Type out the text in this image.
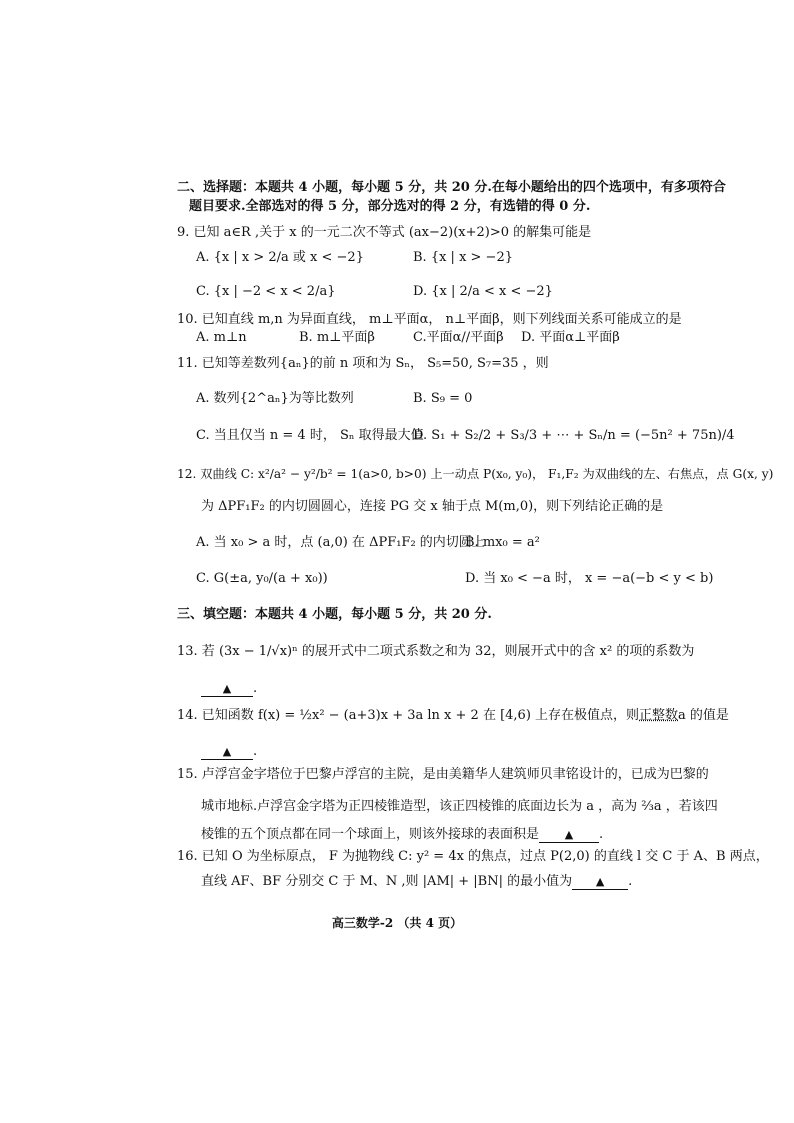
二、选择题：本题共 4 小题，每小题 5 分，共 20 分.在每小题给出的四个选项中，有多项符合
题目要求.全部选对的得 5 分，部分选对的得 2 分，有选错的得 0 分.
9. 已知 a∈R ,关于 x 的一元二次不等式 (ax−2)(x+2)>0 的解集可能是
A. {x | x > 2/a 或 x < −2}	B. {x | x > −2}
C. {x | −2 < x < 2/a}	D. {x | 2/a < x < −2}
10. 已知直线 m,n 为异面直线， m⊥平面α， n⊥平面β，则下列线面关系可能成立的是
A. m⊥n	B. m⊥平面β	C.平面α//平面β D. 平面α⊥平面β
11. 已知等差数列{aₙ}的前 n 项和为 Sₙ， S₅=50, S₇=35 ，则
A. 数列{2^aₙ}为等比数列	B. S₉ = 0
C. 当且仅当 n = 4 时， Sₙ 取得最大值
D. S₁ + S₂/2 + S₃/3 + ⋯ + Sₙ/n = (−5n² + 75n)/4
12. 双曲线 C: x²/a² − y²/b² = 1(a>0, b>0) 上一动点 P(x₀, y₀)， F₁,F₂ 为双曲线的左、右焦点，点 G(x, y)
为 ΔPF₁F₂ 的内切圆圆心，连接 PG 交 x 轴于点 M(m,0)，则下列结论正确的是
A. 当 x₀ > a 时，点 (a,0) 在 ΔPF₁F₂ 的内切圆上
B. mx₀ = a²
C. G(±a, y₀/(a + x₀))	D. 当 x₀ < −a 时， x = −a(−b < y < b)
三、填空题：本题共 4 小题，每小题 5 分，共 20 分.
13. 若 (3x − 1/√x)ⁿ 的展开式中二项式系数之和为 32，则展开式中的含 x² 的项的系数为
▲ .
14. 已知函数 f(x) = ½x² − (a+3)x + 3a ln x + 2 在 [4,6) 上存在极值点，则正整数a 的值是
▲ .
15. 卢浮宫金字塔位于巴黎卢浮宫的主院，是由美籍华人建筑师贝聿铭设计的，已成为巴黎的
城市地标.卢浮宫金字塔为正四棱锥造型，该正四棱锥的底面边长为 a ，高为 ⅔a ，若该四
棱锥的五个顶点都在同一个球面上，则该外接球的表面积是 ▲ .
16. 已知 O 为坐标原点， F 为抛物线 C: y² = 4x 的焦点，过点 P(2,0) 的直线 l 交 C 于 A、B 两点，
直线 AF、BF 分别交 C 于 M、N ,则 |AM| + |BN| 的最小值为 ▲ .
高三数学-2 （共 4 页）
